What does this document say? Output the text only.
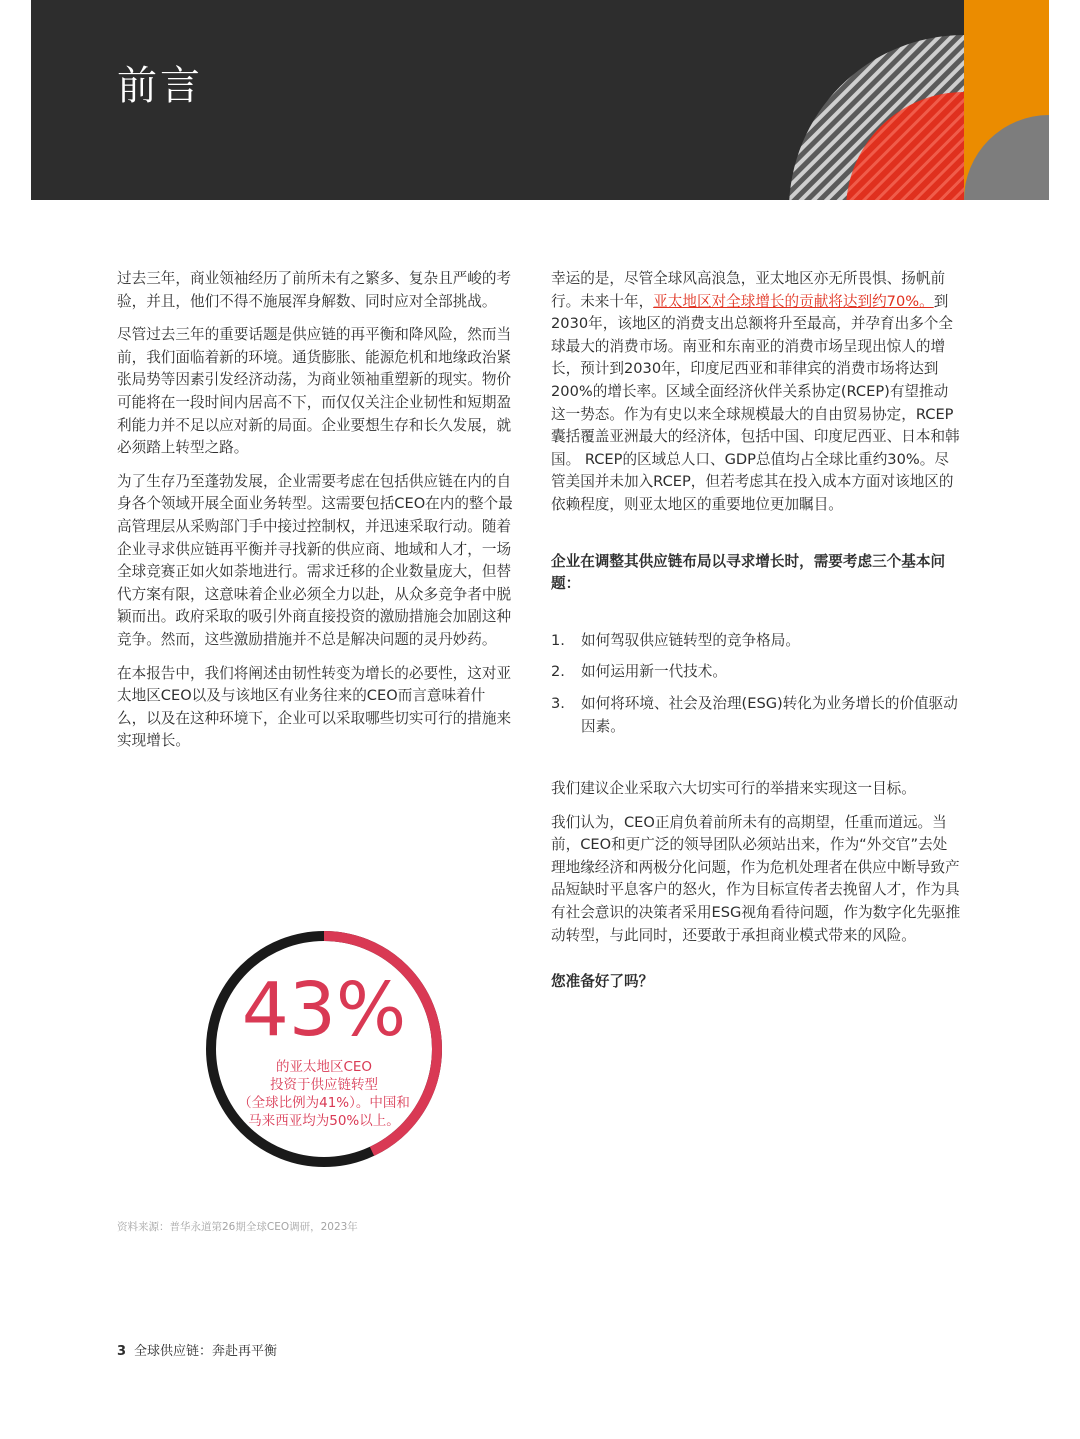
前言

过去三年，商业领袖经历了前所未有之繁多、复杂且严峻的考验，并且，他们不得不施展浑身解数、同时应对全部挑战。

尽管过去三年的重要话题是供应链的再平衡和降风险，然而当前，我们面临着新的环境。通货膨胀、能源危机和地缘政治紧张局势等因素引发经济动荡，为商业领袖重塑新的现实。物价可能将在一段时间内居高不下，而仅仅关注企业韧性和短期盈利能力并不足以应对新的局面。企业要想生存和长久发展，就必须踏上转型之路。

为了生存乃至蓬勃发展，企业需要考虑在包括供应链在内的自身各个领域开展全面业务转型。这需要包括CEO在内的整个最高管理层从采购部门手中接过控制权，并迅速采取行动。随着企业寻求供应链再平衡并寻找新的供应商、地域和人才，一场全球竞赛正如火如荼地进行。需求迁移的企业数量庞大，但替代方案有限，这意味着企业必须全力以赴，从众多竞争者中脱颖而出。政府采取的吸引外商直接投资的激励措施会加剧这种竞争。然而，这些激励措施并不总是解决问题的灵丹妙药。

在本报告中，我们将阐述由韧性转变为增长的必要性，这对亚太地区CEO以及与该地区有业务往来的CEO而言意味着什么，以及在这种环境下，企业可以采取哪些切实可行的措施来实现增长。

幸运的是，尽管全球风高浪急，亚太地区亦无所畏惧、扬帆前行。未来十年，亚太地区对全球增长的贡献将达到约70%。到2030年，该地区的消费支出总额将升至最高，并孕育出多个全球最大的消费市场。南亚和东南亚的消费市场呈现出惊人的增长，预计到2030年，印度尼西亚和菲律宾的消费市场将达到200%的增长率。区域全面经济伙伴关系协定(RCEP)有望推动这一势态。作为有史以来全球规模最大的自由贸易协定，RCEP囊括覆盖亚洲最大的经济体，包括中国、印度尼西亚、日本和韩国。 RCEP的区域总人口、GDP总值均占全球比重约30%。尽管美国并未加入RCEP，但若考虑其在投入成本方面对该地区的依赖程度，则亚太地区的重要地位更加瞩目。

企业在调整其供应链布局以寻求增长时，需要考虑三个基本问题：

1.	如何驾驭供应链转型的竞争格局。
2.	如何运用新一代技术。
3.	如何将环境、社会及治理(ESG)转化为业务增长的价值驱动因素。

我们建议企业采取六大切实可行的举措来实现这一目标。

我们认为，CEO正肩负着前所未有的高期望，任重而道远。当前，CEO和更广泛的领导团队必须站出来，作为“外交官”去处理地缘经济和两极分化问题，作为危机处理者在供应中断导致产品短缺时平息客户的怒火，作为目标宣传者去挽留人才，作为具有社会意识的决策者采用ESG视角看待问题，作为数字化先驱推动转型，与此同时，还要敢于承担商业模式带来的风险。

您准备好了吗？

43%
的亚太地区CEO
投资于供应链转型
（全球比例为41%）。中国和
马来西亚均为50%以上。
资料来源：普华永道第26期全球CEO调研，2023年
3 全球供应链：奔赴再平衡
